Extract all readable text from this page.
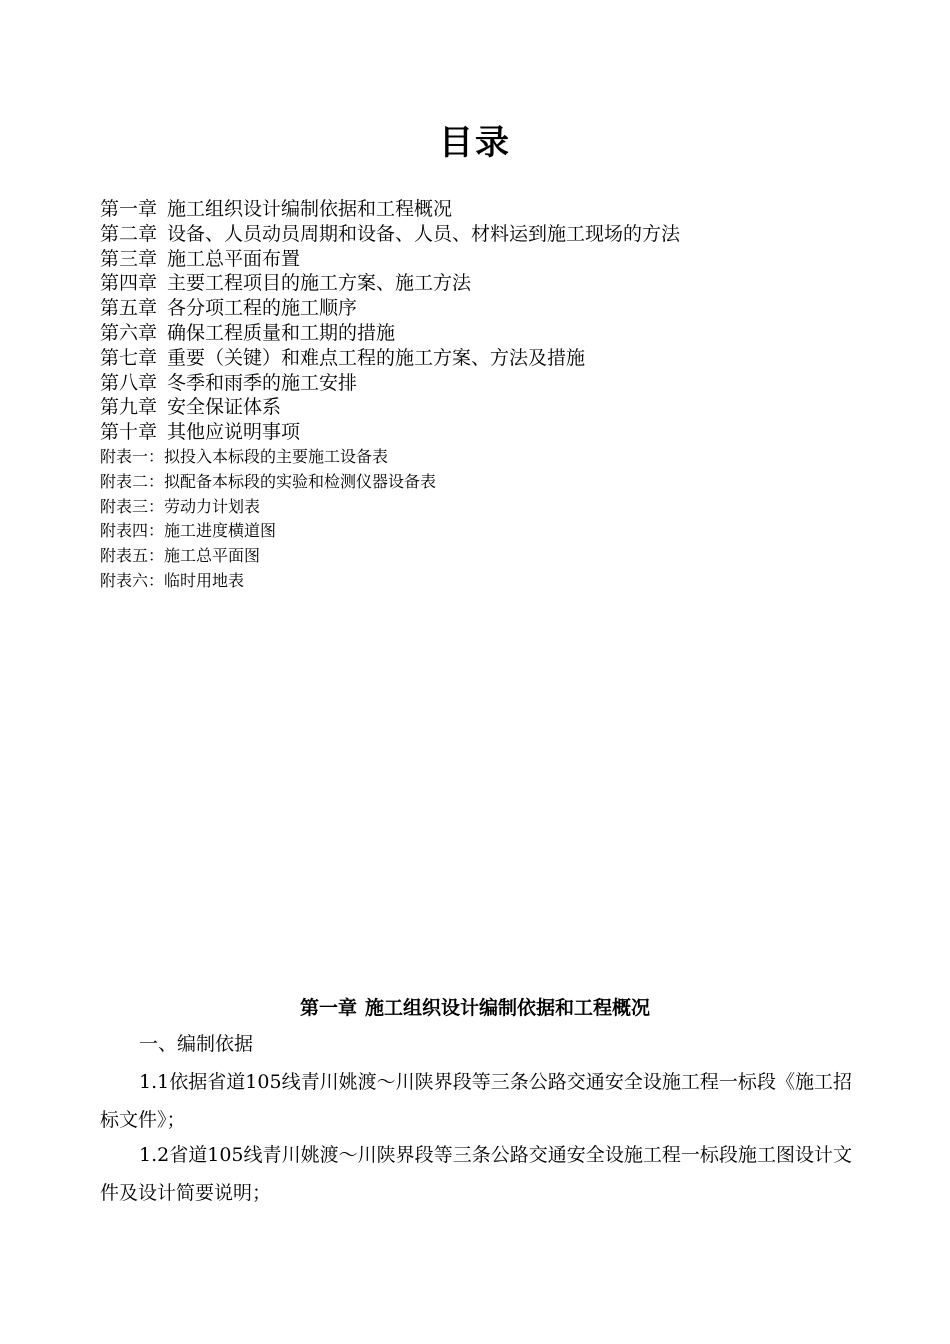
目录
第一章 施工组织设计编制依据和工程概况
第二章 设备、人员动员周期和设备、人员、材料运到施工现场的方法
第三章 施工总平面布置
第四章 主要工程项目的施工方案、施工方法
第五章 各分项工程的施工顺序
第六章 确保工程质量和工期的措施
第七章 重要（关键）和难点工程的施工方案、方法及措施
第八章 冬季和雨季的施工安排
第九章 安全保证体系
第十章 其他应说明事项
附表一：拟投入本标段的主要施工设备表
附表二：拟配备本标段的实验和检测仪器设备表
附表三：劳动力计划表
附表四：施工进度横道图
附表五：施工总平面图
附表六：临时用地表
第一章 施工组织设计编制依据和工程概况
一、编制依据

1.1依据省道105线青川姚渡～川陕界段等三条公路交通安全设施工程一标段《施工招标文件》；

1.2省道105线青川姚渡～川陕界段等三条公路交通安全设施工程一标段施工图设计文件及设计简要说明；
